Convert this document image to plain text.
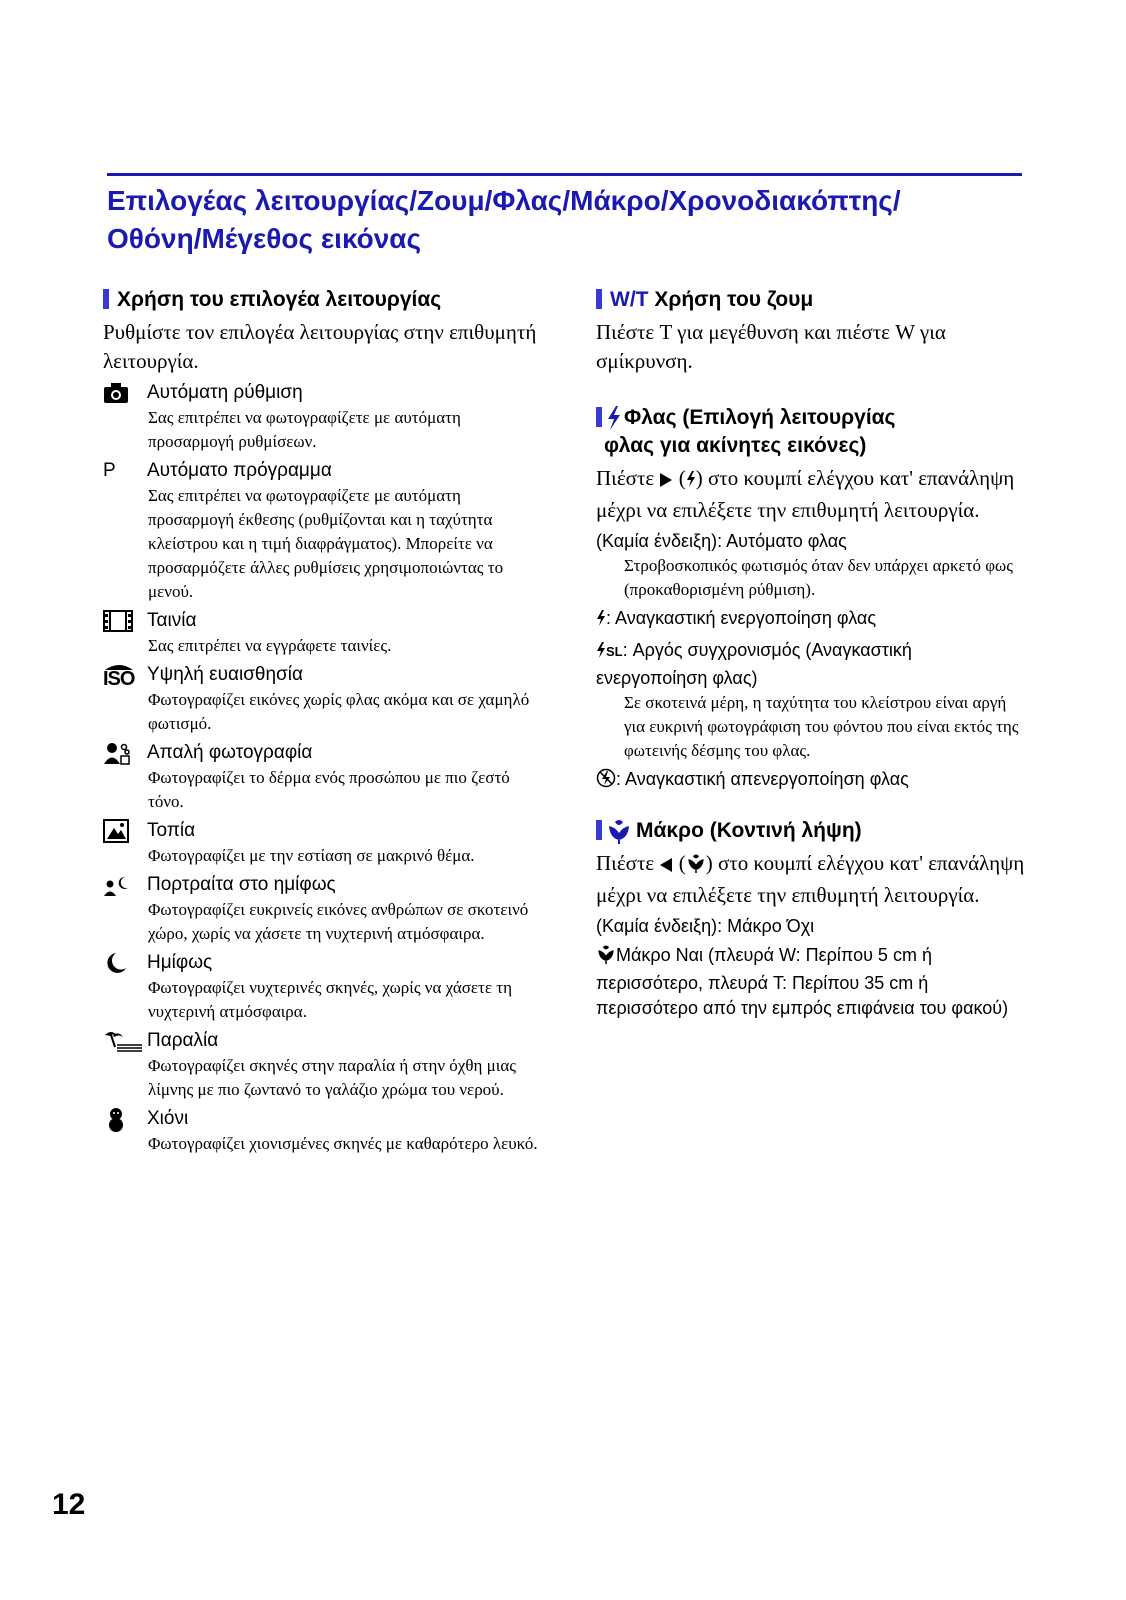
Επιλογέας λειτουργίας/Ζουμ/Φλας/Μάκρο/Χρονοδιακόπτης/
Οθόνη/Μέγεθος εικόνας
Χρήση του επιλογέα λειτουργίας

Ρυθμίστε τον επιλογέα λειτουργίας στην επιθυμητή λειτουργία.

Αυτόματη ρύθμιση
Σας επιτρέπει να φωτογραφίζετε με αυτόματη προσαρμογή ρυθμίσεων.
P	Αυτόματο πρόγραμμα
Σας επιτρέπει να φωτογραφίζετε με αυτόματη προσαρμογή έκθεσης (ρυθμίζονται και η ταχύτητα κλείστρου και η τιμή διαφράγματος). Μπορείτε να προσαρμόζετε άλλες ρυθμίσεις χρησιμοποιώντας το μενού.
Ταινία
Σας επιτρέπει να εγγράφετε ταινίες.
ISO Υψηλή ευαισθησία
Φωτογραφίζει εικόνες χωρίς φλας ακόμα και σε χαμηλό φωτισμό.
Απαλή φωτογραφία
Φωτογραφίζει το δέρμα ενός προσώπου με πιο ζεστό τόνο.
Τοπία
Φωτογραφίζει με την εστίαση σε μακρινό θέμα.
Πορτραίτα στο ημίφως
Φωτογραφίζει ευκρινείς εικόνες ανθρώπων σε σκοτεινό χώρο, χωρίς να χάσετε τη νυχτερινή ατμόσφαιρα.
Ημίφως
Φωτογραφίζει νυχτερινές σκηνές, χωρίς να χάσετε τη νυχτερινή ατμόσφαιρα.
Παραλία
Φωτογραφίζει σκηνές στην παραλία ή στην όχθη μιας λίμνης με πιο ζωντανό το γαλάζιο χρώμα του νερού.
Χιόνι
Φωτογραφίζει χιονισμένες σκηνές με καθαρότερο λευκό.
W/T Χρήση του ζουμ

Πιέστε T για μεγέθυνση και πιέστε W για σμίκρυνση.

Φλας (Επιλογή λειτουργίας
φλας για ακίνητες εικόνες)

Πιέστε  ( ) στο κουμπί ελέγχου κατ' επανάληψη μέχρι να επιλέξετε την επιθυμητή λειτουργία.

(Καμία ένδειξη): Αυτόματο φλας
Στροβοσκοπικός φωτισμός όταν δεν υπάρχει αρκετό φως (προκαθορισμένη ρύθμιση).
: Αναγκαστική ενεργοποίηση φλας
SL: Αργός συγχρονισμός (Αναγκαστική ενεργοποίηση φλας)
Σε σκοτεινά μέρη, η ταχύτητα του κλείστρου είναι αργή για ευκρινή φωτογράφιση του φόντου που είναι εκτός της φωτεινής δέσμης του φλας.
: Αναγκαστική απενεργοποίηση φλας
Μάκρο (Κοντινή λήψη)

Πιέστε  ( ) στο κουμπί ελέγχου κατ' επανάληψη μέχρι να επιλέξετε την επιθυμητή λειτουργία.

(Καμία ένδειξη): Μάκρο Όχι
Μάκρο Ναι (πλευρά W: Περίπου 5 cm ή περισσότερο, πλευρά T: Περίπου 35 cm ή περισσότερο από την εμπρός επιφάνεια του φακού)
12
